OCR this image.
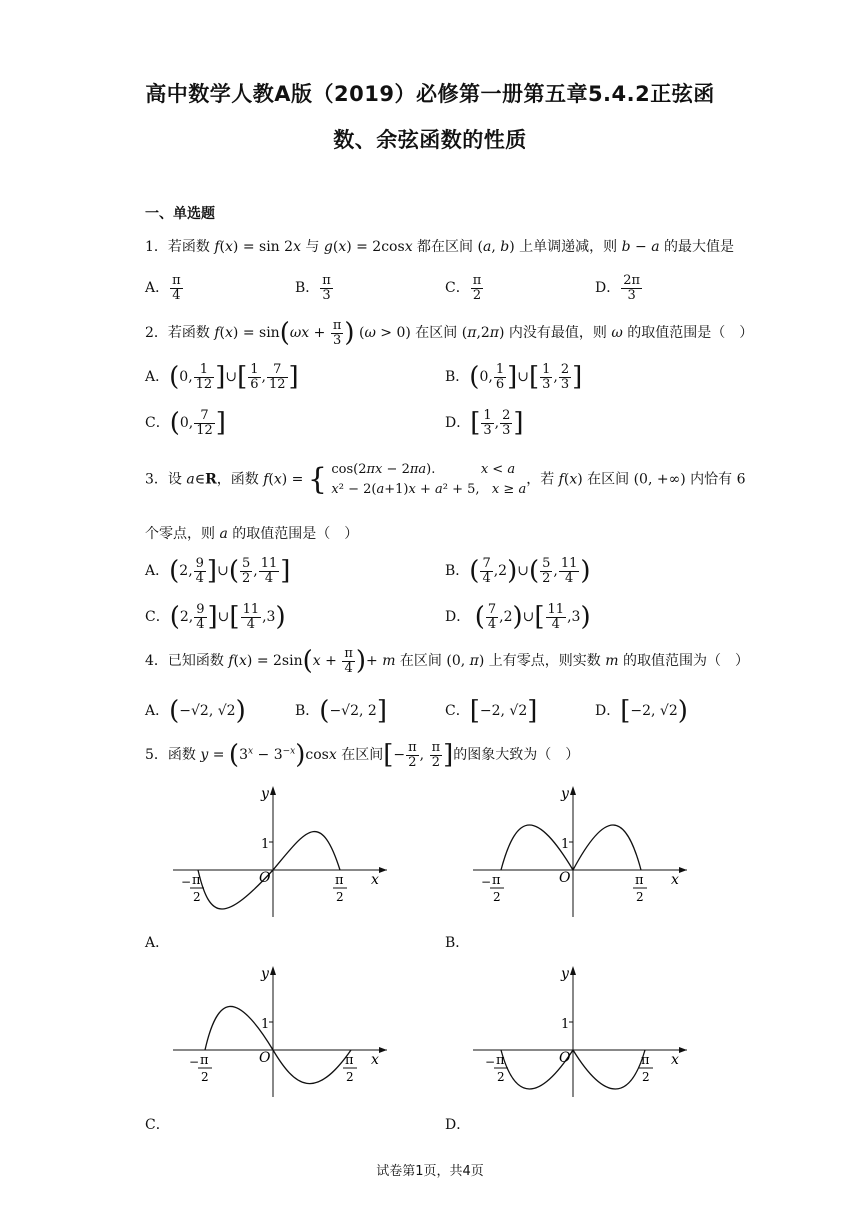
高中数学人教A版（2019）必修第一册第五章5.4.2正弦函
数、余弦函数的性质
一、单选题
1．若函数 f(x) = sin 2x 与 g(x) = 2cosx 都在区间 (a, b) 上单调递减，则 b − a 的最大值是
A． $\frac{\pi}{4}$	B． $\frac{\pi}{3}$	C． $\frac{\pi}{2}$	D． $\frac{2\pi}{3}$
2．若函数 $f(x) = \sin(\omega x + \frac{\pi}{3}$ ) (ω > 0) 在区间 (π,2π) 内没有最值，则 ω 的取值范围是（　）
A．(0, $\frac{1}{12}$ ]∪[ $\frac{1}{6}$ , $\frac{7}{12}$ ]	B．(0, $\frac{1}{6}$ ]∪[ $\frac{1}{3}$ , $\frac{2}{3}$ ]
C．(0, $\frac{7}{12}$ ]	D．[ $\frac{1}{3}$ , $\frac{2}{3}$ ]
3．设 a∈R，函数 f(x) = { cos(2πx − 2πa).           x < a
x² − 2(a+1)x + a² + 5,   x ≥ a，若 f(x) 在区间 (0, +∞) 内恰有 6
个零点，则 a 的取值范围是（　）
A．(2, $\frac{9}{4}$ ]∪( $\frac{5}{2}$ , $\frac{11}{4}$ ]	B．( $\frac{7}{4}$ ,2)∪( $\frac{5}{2}$ , $\frac{11}{4}$ )
C．(2, $\frac{9}{4}$ ]∪[ $\frac{11}{4} ,3$)	D． ( $\frac{7}{4}$ ,2)∪[ $\frac{11}{4} ,3$)
4．已知函数 $f(x) = 2\sin(x + \frac{\pi}{4}$ )+ m 在区间 (0, π) 上有零点，则实数 m 的取值范围为（　）
A．(−√2, √2)	B．(−√2, 2]	C．[−2, √2]	D．[−2, √2)
5．函数 $y = (3^x - 3^{-x})\cos x$ 在区间[− $\frac{\pi}{2}$ , $\frac{\pi}{2}$ ]的图象大致为（　）
y
x
O
1
− π
2
π
2
A．
y
x
O
1
− π
2
π
2
B．
y
x
O
1
− π
2
π
2
C．
y
x
O
1
− π
2
π
2
D．
试卷第1页，共4页
